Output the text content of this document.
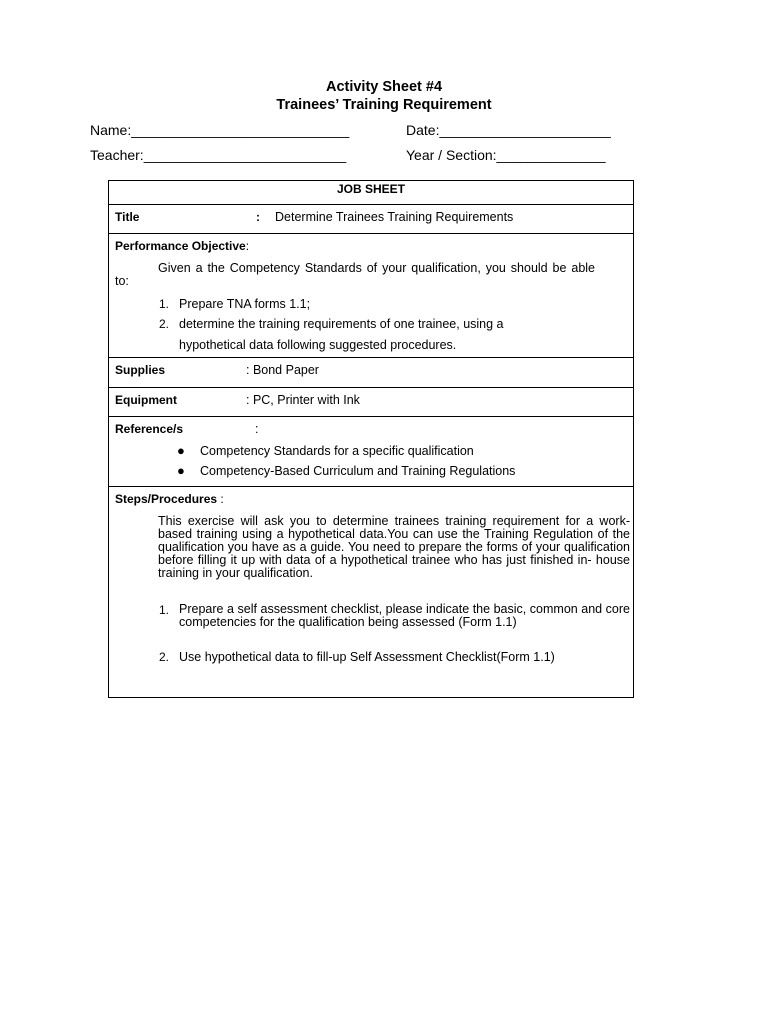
Activity Sheet #4
Trainees’ Training Requirement
Name:____________________________	Date:______________________
Teacher:__________________________	Year / Section:______________
JOB SHEET
Title	: Determine Trainees Training Requirements
Performance Objective:
Given a the Competency Standards of your qualification, you should be able to:
1. Prepare TNA forms 1.1;
2. determine the training requirements of one trainee, using a
hypothetical data following suggested procedures.
Supplies	: Bond Paper
Equipment	: PC, Printer with Ink
Reference/s	:
● Competency Standards for a specific qualification
● Competency-Based Curriculum and Training Regulations
Steps/Procedures :
This exercise will ask you to determine trainees training requirement for a work-based training using a hypothetical data.You can use the Training Regulation of the qualification you have as a guide. You need to prepare the forms of your qualification before filling it up with data of a hypothetical trainee who has just finished in- house training in your qualification.
1. Prepare a self assessment checklist, please indicate the basic, common and core competencies for the qualification being assessed (Form 1.1)
2. Use hypothetical data to fill-up Self Assessment Checklist(Form 1.1)
